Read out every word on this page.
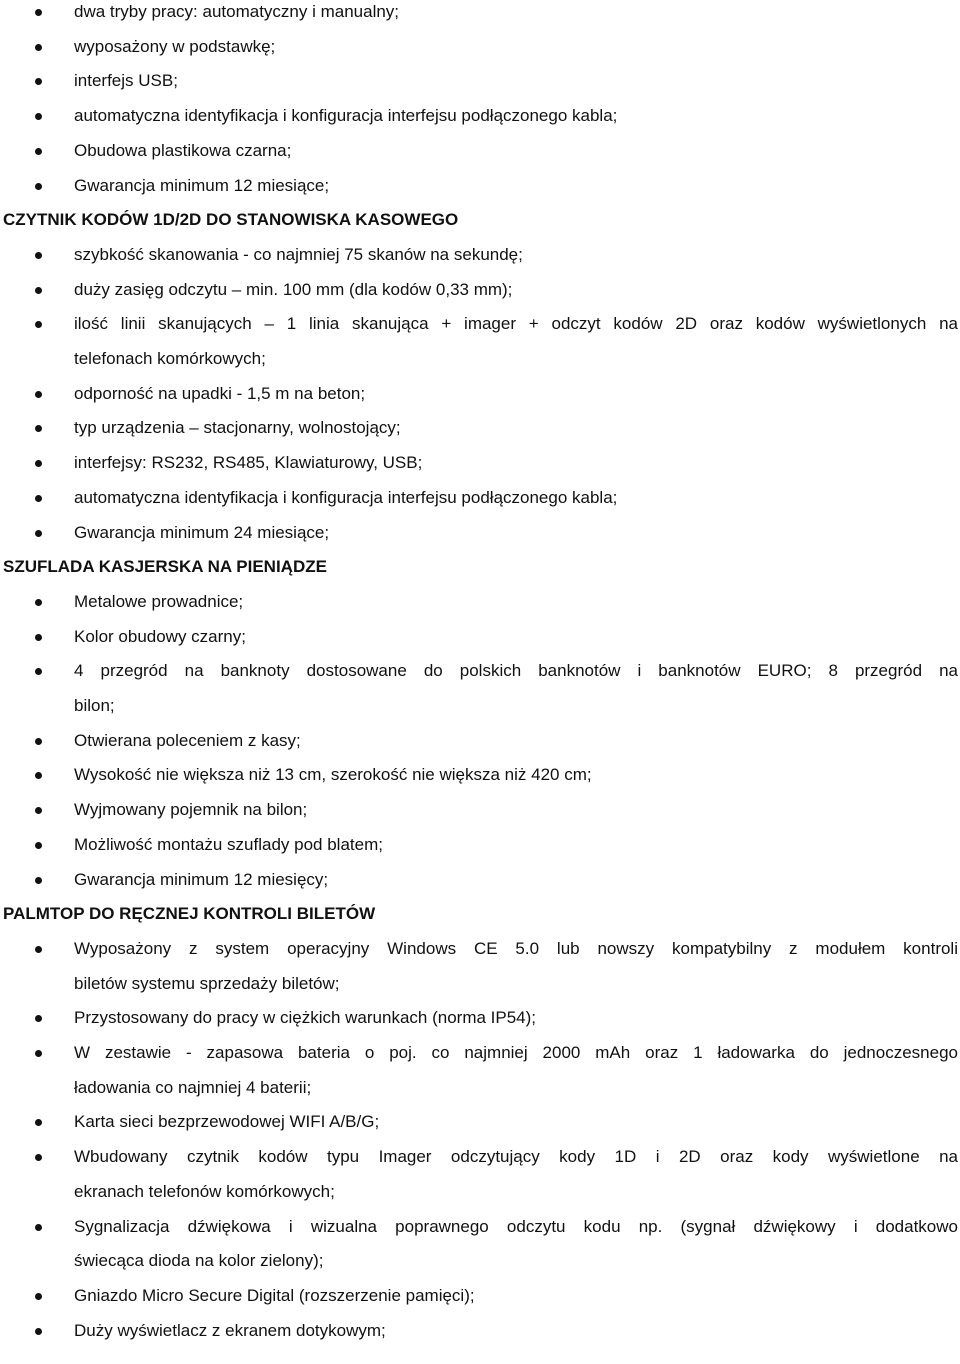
dwa tryby pracy: automatyczny i manualny;
wyposażony w podstawkę;
interfejs USB;
automatyczna identyfikacja i konfiguracja interfejsu podłączonego kabla;
Obudowa plastikowa czarna;
Gwarancja minimum 12 miesiące;
CZYTNIK KODÓW 1D/2D DO STANOWISKA KASOWEGO
szybkość skanowania - co najmniej 75 skanów na sekundę;
duży zasięg odczytu – min. 100 mm (dla kodów 0,33 mm);
ilość linii skanujących – 1 linia skanująca + imager + odczyt kodów 2D oraz kodów wyświetlonych na
telefonach komórkowych;
odporność na upadki - 1,5 m na beton;
typ urządzenia – stacjonarny, wolnostojący;
interfejsy: RS232, RS485, Klawiaturowy, USB;
automatyczna identyfikacja i konfiguracja interfejsu podłączonego kabla;
Gwarancja minimum 24 miesiące;
SZUFLADA KASJERSKA NA PIENIĄDZE
Metalowe prowadnice;
Kolor obudowy czarny;
4 przegród na banknoty dostosowane do polskich banknotów i banknotów EURO; 8 przegród na
bilon;
Otwierana poleceniem z kasy;
Wysokość nie większa niż 13 cm, szerokość nie większa niż 420 cm;
Wyjmowany pojemnik na bilon;
Możliwość montażu szuflady pod blatem;
Gwarancja minimum 12 miesięcy;
PALMTOP DO RĘCZNEJ KONTROLI BILETÓW
Wyposażony z system operacyjny Windows CE 5.0 lub nowszy kompatybilny z modułem kontroli
biletów systemu sprzedaży biletów;
Przystosowany do pracy w ciężkich warunkach (norma IP54);
W zestawie - zapasowa bateria o poj. co najmniej 2000 mAh oraz 1 ładowarka do jednoczesnego
ładowania co najmniej 4 baterii;
Karta sieci bezprzewodowej WIFI A/B/G;
Wbudowany czytnik kodów typu Imager odczytujący kody 1D i 2D oraz kody wyświetlone na
ekranach telefonów komórkowych;
Sygnalizacja dźwiękowa i wizualna poprawnego odczytu kodu np. (sygnał dźwiękowy i dodatkowo
świecąca dioda na kolor zielony);
Gniazdo Micro Secure Digital (rozszerzenie pamięci);
Duży wyświetlacz z ekranem dotykowym;
